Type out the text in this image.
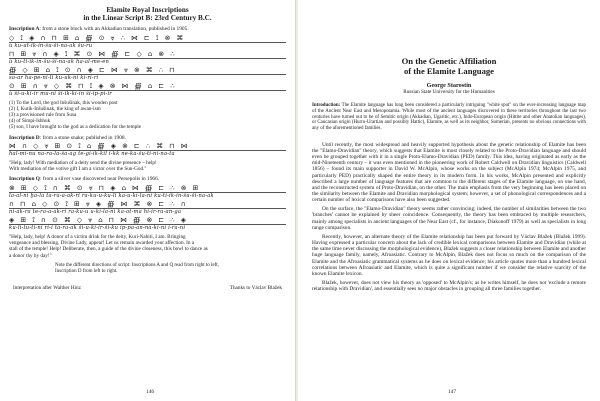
Elamite Royal Inscriptions
in the Linear Script B: 23rd Century B.C.
Inscription A: from a stone block with an Akkadian translation, published in 1905.
◇ ⟟ ◈ ∩ ⊓ ⊞ ⌂ ∰ ⊙ ⩔ ∴ ⋈ ⊏ ⟟ ⊗ ⌘
ù ku-ut-ik-in-šu-ši-na-ak šu-ru
⊓ ⊞ ⩔ ∩ ◈ ⟟ ⌘ ⊙ ⋈ ∰ ⊏ ◇ ⌂ ⊗ ∴
ù ku-ti-ik-in-šu-ši-na-ak ha-al-me-en
∰ ◇ ⊞ ⌂ ⟟ ⊙ ∩ ◈ ⊏ ⋈ ⩔ ⊗ ⌘ ∴ ⊓
sa-ar ha-pe-ni-li ku-uk-ni ki-ri-ri
⊙ ⊞ ∩ ⩔ ◇ ⌘ ⊓ ⟟ ◈ ⊗ ⋈ ∰ ⌂ ⊏ ∴
ù ši-u-ki-ir mu-ni ši-ik-ki-in ši-ip-pi-ir
(1) To the Lord, the god Inšušinak, this wooden post
(2) I, Kutik-Inšušinak, the king of awan-ism
(3) a provisioned rule from Susa
(4) of Šimpi-Ishhuk
(5) son, I have brought to the god as a dedication for the temple
Inscription D: from a stone snake; published in 1908.
⋈ ∩ ◇ ⩔ ⊞ ⊙ ⟟ ⌂ ∰ ◈ ⊗ ⊏ ∴ ⌘ ⊓ ⋈
hal-mi-nu na-ra-la-ša-ag te-gi-ik-kil i-kk ne-ka-šu-ti-ni-na-ta
"Help, lady! With mediation of a deity send the divine presence – help!
With mediation of the votive gift I am a victor over the Sun-God."
Inscription Q: from a silver vase discovered near Persepolis in 1966.
⊗ ⊞ ◇ ⟟ ∩ ⌘ ⊙ ⩔ ⊓ ◈ ⌂ ⋈ ∰ ⊏ ∴ ⊗ ⊞
la-al-ni ḫa-la ta-ra-a-ak-ri ra-ku-u-ku-li ka-u-ki-la-ni ku-ti-ik-in-šu-ši-na-ak
∩ ⊓ ⌂ ◇ ⊙ ⟟ ⊞ ⩔ ◈ ∰ ⋈ ⌘ ⊗ ⊏ ∴ ∩
ni-ak-ra te-ra-a-ak-ri ra-ku-u u-ki-la-ni ka-at-ma hi-ir-ra-an-ga
◈ ⊞ ⟟ ∩ ⊙ ⌘ ◇ ⩔ ⌂ ⊓ ⋈ ∰ ⊗ ⊏ ∴ ◈
ku-li-tu-ti-ni ri-i ta-ra-ak ši-u-ki-ir-ši-ku ip-pa-an-na-ki-ni i-ra-ni
"Help, lady, help! A donor of a victim drink for the deity, Kuri-Nahiti, I am. Bringing
vengeance and blessing, Divine Lady, appear! Let us remain awarded your affection. In a
stall of the temple! Help! Deliberate, then, a guide of the divine closeness, this bowl to dance as
a donor thy by day!"
Note the different directions of script: Inscriptions A and Q read from right to left,
Inscription D from left to right.
Interpretation after Walther Hinz	Thanks to Václav Blažek
146
On the Genetic Affiliation
of the Elamite Language
George Starostin
Russian State University for the Humanities
Introduction: The Elamite language has long been considered a particularly intriguing "white spot" on the ever-increasing language map of the Ancient Near East and Mesopotamia. While most of the ancient languages discovered in these territories throughout the last two centuries have turned out to be of Semitic origin (Akkadian, Ugaritic, etc.), Indo-European origin (Hittite and other Anatolian languages), or Caucasian origin (Hurro-Urartian and possibly Hattic), Elamite, as well as its neighbor, Sumerian, presents no obvious connections with any of the aforementioned families.

Until recently, the most widespread and heavily supported hypothesis about the genetic relationship of Elamite has been the "Elamo-Dravidian" theory, which suggests that Elamite is most closely related to the Proto-Dravidian language and should even be grouped together with it in a single Proto-Elamo-Dravidian (PED) family. This idea, having originated as early as the mid-Nineteenth century – it was even mentioned in the pioneering work of Robert Caldwell on Dravidian linguistics (Caldwell 1856) – found its main supporter in David W. McAlpin, whose works on the subject (McAlpin 1974; McAlpin 1975, and particularly PED) practically shaped the entire theory in its modern form. In his works, McAlpin presented and explicitly described a large number of language features that are common to the different stages of the Elamite language, on one hand, and the reconstructed system of Proto-Dravidian, on the other. The main emphasis from the very beginning has been placed on the similarity between the Elamite and Dravidian morphological system; however, a set of phonological correspondences and a certain number of lexical comparisons have also been suggested.

On the surface, the "Elamo-Dravidian" theory seems rather convincing; indeed, the number of similarities between the two 'branches' cannot be explained by sheer coincidence. Consequently, the theory has been embraced by multiple researchers, mainly among specialists in ancient languages of the Near East (cf., for instance, Diakonoff 1979) as well as specialists in long range comparison.

Recently, however, an alternate theory of the Elamite relationship has been put forward by Václav Blažek (Blažek 1999). Having expressed a particular concern about the lack of credible lexical comparisons between Elamite and Dravidian (while at the same time never discussing the morphological evidence), Blažek suggests a closer relationship between Elamite and another huge language family, namely, Afroasiatic. Contrary to McAlpin, Blažek does not focus so much on the comparison of the Elamite and the Afroasiatic grammatical systems as he does on lexical evidence; his article quotes more than a hundred lexical correlations between Afroasiatic and Elamite, which is quite a significant number if we consider the relative scarcity of the known Elamite lexicon.

Blažek, however, does not view his theory as 'opposed' to McAlpin's; as he writes himself, he does not 'exclude a remote relationship with Dravidian', and essentially sees no major obstacles in grouping all three families together.

147
